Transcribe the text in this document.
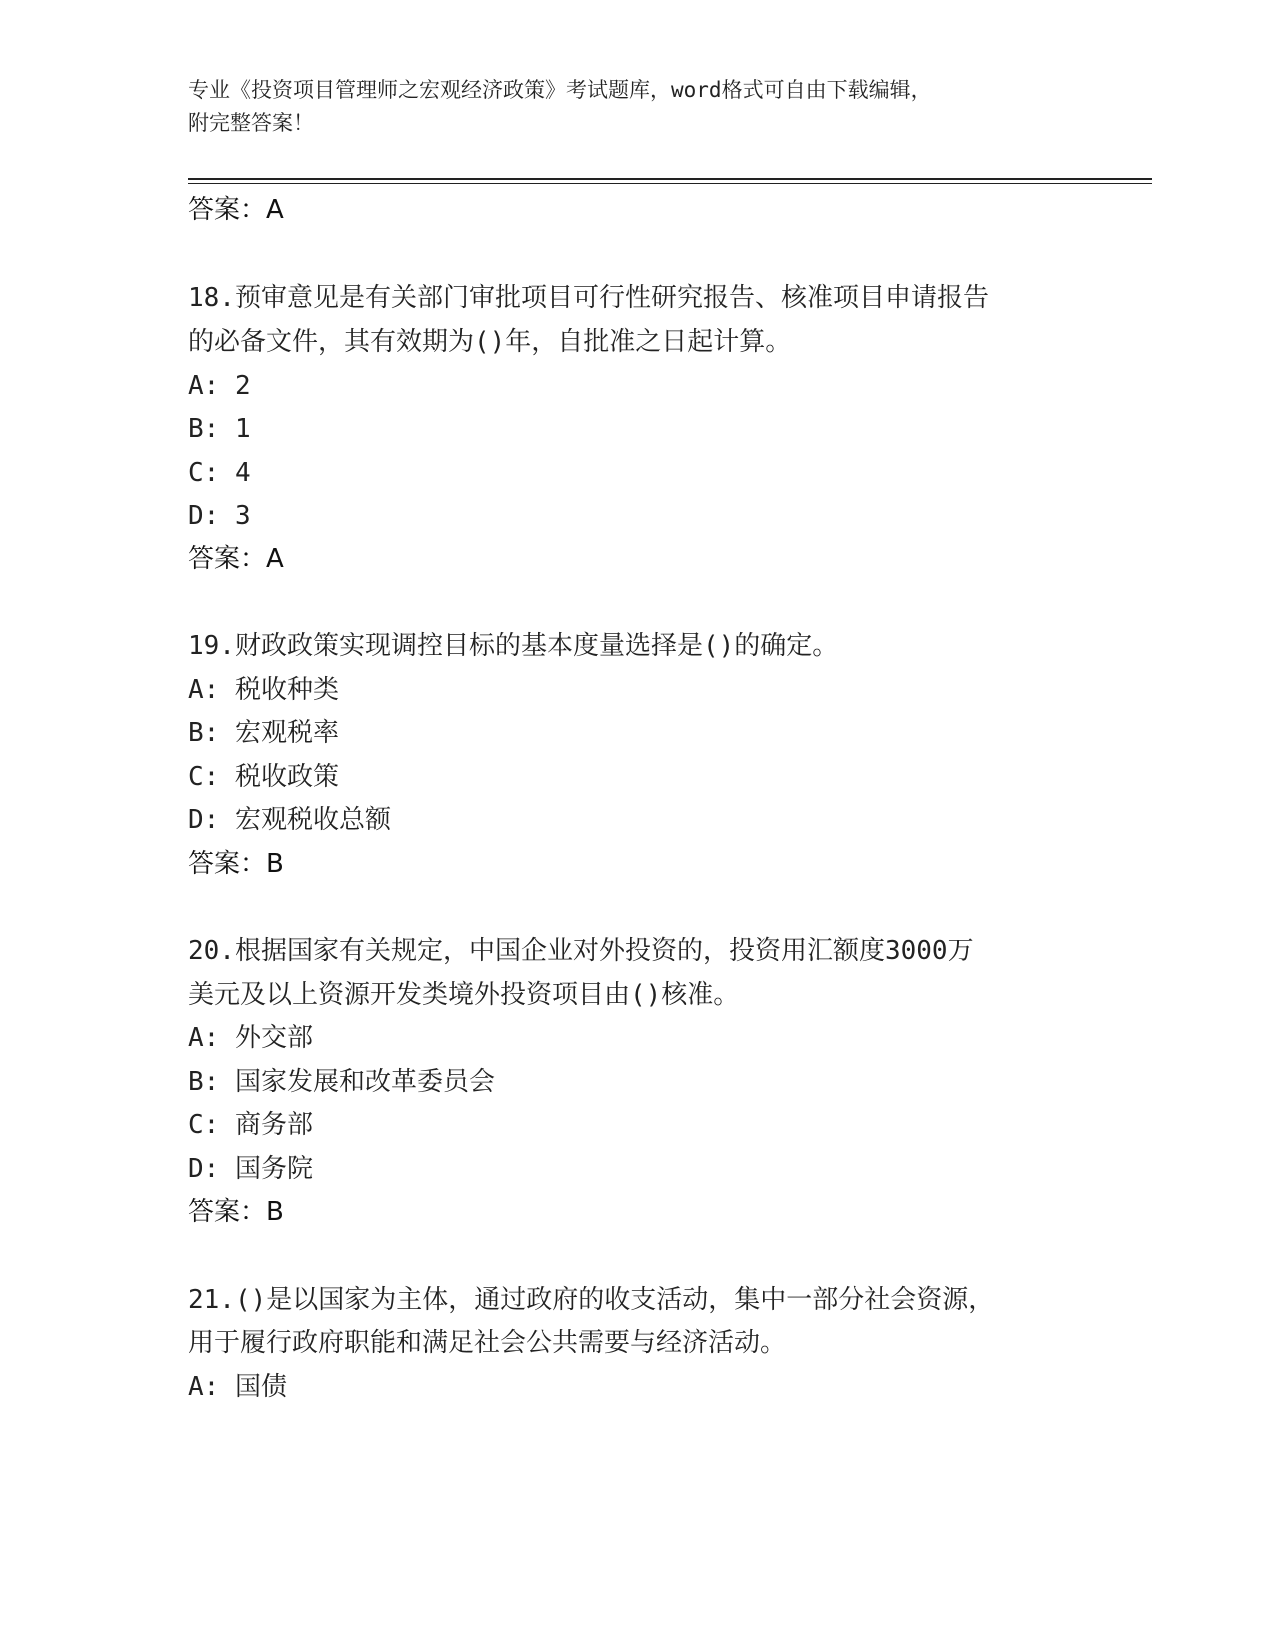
专业《投资项目管理师之宏观经济政策》考试题库，word格式可自由下载编辑，
附完整答案！
答案：A
18.预审意见是有关部门审批项目可行性研究报告、核准项目申请报告
的必备文件，其有效期为()年，自批准之日起计算。
A: 2
B: 1
C: 4
D: 3
答案：A
19.财政政策实现调控目标的基本度量选择是()的确定。
A: 税收种类
B: 宏观税率
C: 税收政策
D: 宏观税收总额
答案：B
20.根据国家有关规定，中国企业对外投资的，投资用汇额度3000万
美元及以上资源开发类境外投资项目由()核准。
A: 外交部
B: 国家发展和改革委员会
C: 商务部
D: 国务院
答案：B
21.()是以国家为主体，通过政府的收支活动，集中一部分社会资源，
用于履行政府职能和满足社会公共需要与经济活动。
A: 国债
